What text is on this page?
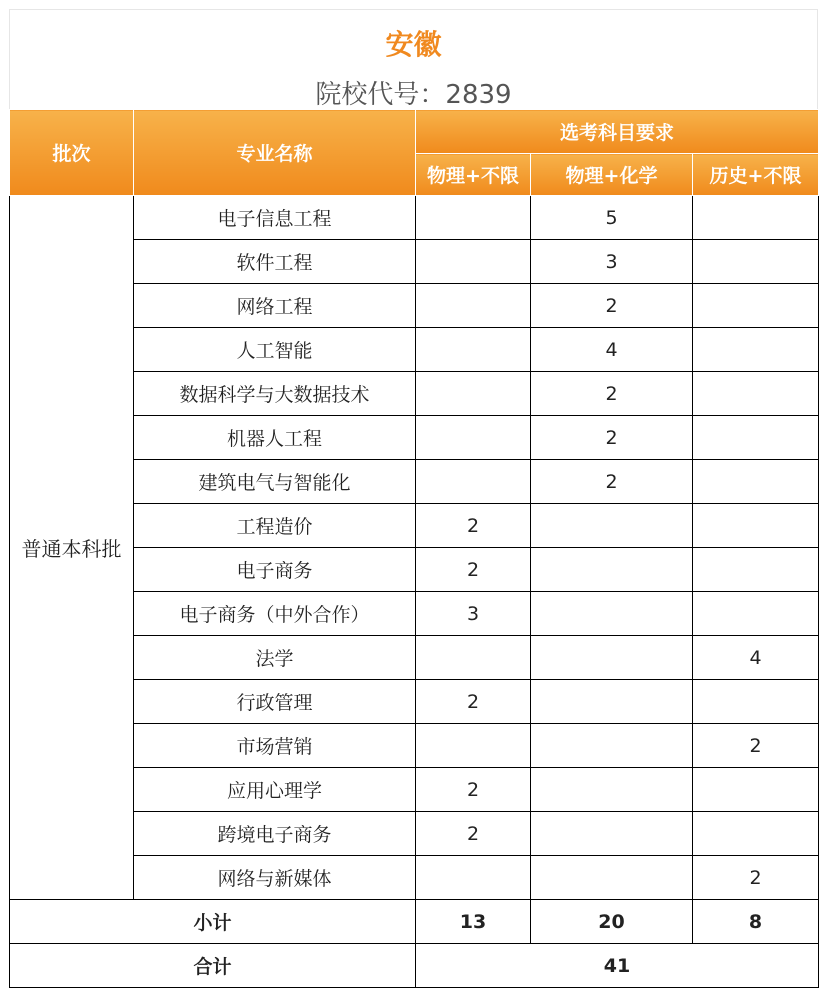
安徽
院校代号：2839
批次	专业名称	选考科目要求		
		物理+不限	物理+化学	历史+不限
普通本科批	电子信息工程		5	
	软件工程		3	
	网络工程		2	
	人工智能		4	
	数据科学与大数据技术		2	
	机器人工程		2	
	建筑电气与智能化		2	
	工程造价	2		
	电子商务	2		
	电子商务（中外合作）	3		
	法学			4
	行政管理	2		
	市场营销			2
	应用心理学	2		
	跨境电子商务	2		
	网络与新媒体			2
小计		13	20	8
合计		41		
